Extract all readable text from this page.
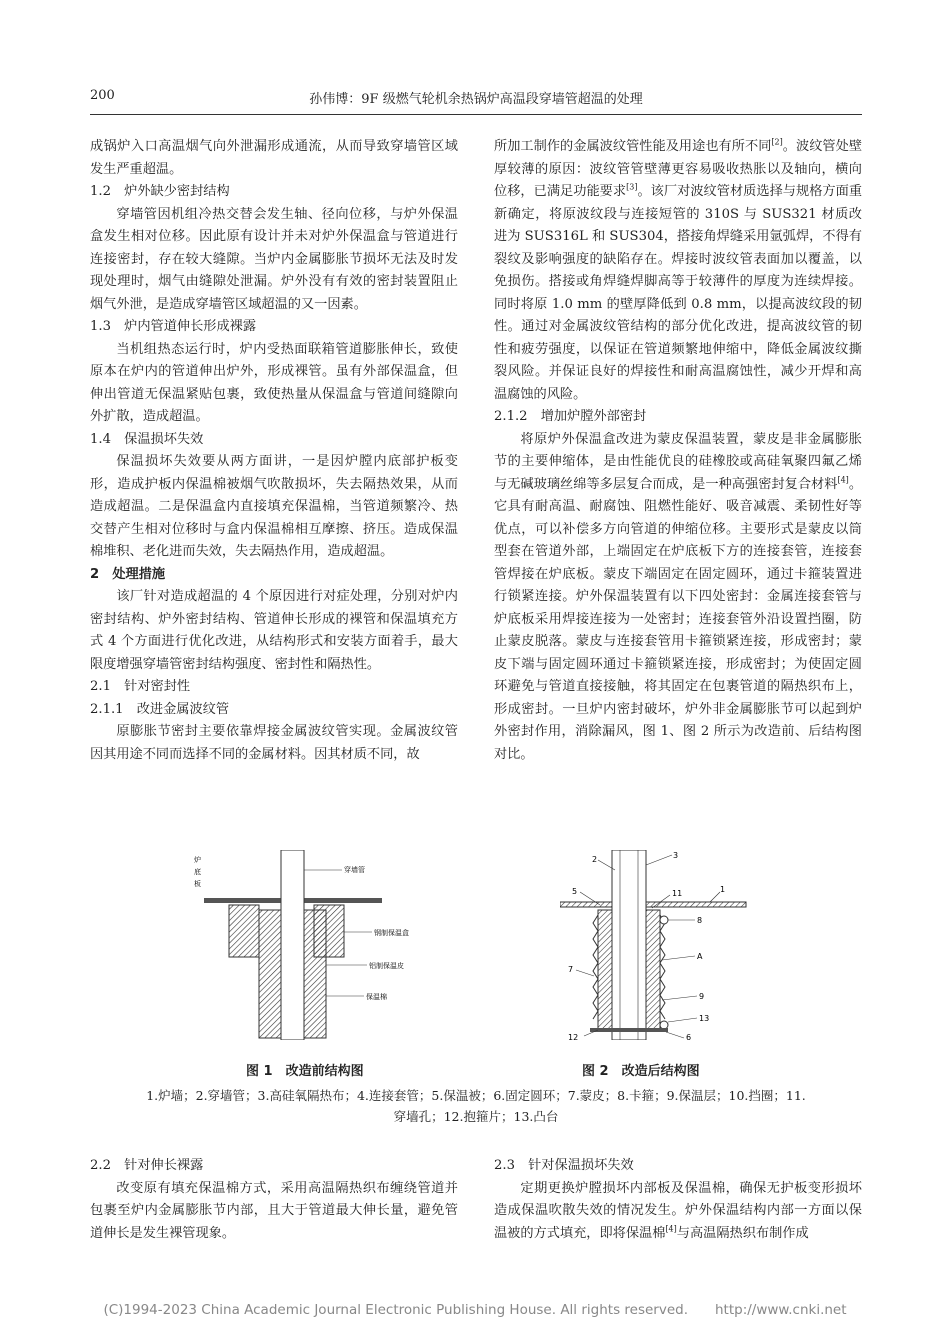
200	孙伟博：9F 级燃气轮机余热锅炉高温段穿墙管超温的处理

成锅炉入口高温烟气向外泄漏形成通流，从而导致穿墙管区域发生严重超温。

1.2　炉外缺少密封结构

穿墙管因机组冷热交替会发生轴、径向位移，与炉外保温盒发生相对位移。因此原有设计并未对炉外保温盒与管道进行连接密封，存在较大缝隙。当炉内金属膨胀节损坏无法及时发现处理时，烟气由缝隙处泄漏。炉外没有有效的密封装置阻止烟气外泄，是造成穿墙管区域超温的又一因素。

1.3　炉内管道伸长形成裸露

当机组热态运行时，炉内受热面联箱管道膨胀伸长，致使原本在炉内的管道伸出炉外，形成裸管。虽有外部保温盒，但伸出管道无保温紧贴包裹，致使热量从保温盒与管道间缝隙向外扩散，造成超温。

1.4　保温损坏失效

保温损坏失效要从两方面讲，一是因炉膛内底部护板变形，造成护板内保温棉被烟气吹散损坏，失去隔热效果，从而造成超温。二是保温盒内直接填充保温棉，当管道频繁冷、热交替产生相对位移时与盒内保温棉相互摩擦、挤压。造成保温棉堆积、老化进而失效，失去隔热作用，造成超温。

2　处理措施

该厂针对造成超温的 4 个原因进行对症处理，分别对炉内密封结构、炉外密封结构、管道伸长形成的裸管和保温填充方式 4 个方面进行优化改进，从结构形式和安装方面着手，最大限度增强穿墙管密封结构强度、密封性和隔热性。

2.1　针对密封性
2.1.1　改进金属波纹管

原膨胀节密封主要依靠焊接金属波纹管实现。金属波纹管因其用途不同而选择不同的金属材料。因其材质不同，故

所加工制作的金属波纹管性能及用途也有所不同[2]。波纹管处壁厚较薄的原因：波纹管管壁薄更容易吸收热胀以及轴向，横向位移，已满足功能要求[3]。该厂对波纹管材质选择与规格方面重新确定，将原波纹段与连接短管的 310S 与 SUS321 材质改进为 SUS316L 和 SUS304，搭接角焊缝采用氩弧焊，不得有裂纹及影响强度的缺陷存在。焊接时波纹管表面加以覆盖，以免损伤。搭接或角焊缝焊脚高等于较薄件的厚度为连续焊接。同时将原 1.0 mm 的壁厚降低到 0.8 mm，以提高波纹段的韧性。通过对金属波纹管结构的部分优化改进，提高波纹管的韧性和疲劳强度，以保证在管道频繁地伸缩中，降低金属波纹撕裂风险。并保证良好的焊接性和耐高温腐蚀性，减少开焊和高温腐蚀的风险。

2.1.2　增加炉膛外部密封

将原炉外保温盒改进为蒙皮保温装置，蒙皮是非金属膨胀节的主要伸缩体，是由性能优良的硅橡胶或高硅氧聚四氟乙烯与无碱玻璃丝绵等多层复合而成，是一种高强密封复合材料[4]。它具有耐高温、耐腐蚀、阻燃性能好、吸音减震、柔韧性好等优点，可以补偿多方向管道的伸缩位移。主要形式是蒙皮以筒型套在管道外部，上端固定在炉底板下方的连接套管，连接套管焊接在炉底板。蒙皮下端固定在固定圆环，通过卡箍装置进行锁紧连接。炉外保温装置有以下四处密封：金属连接套管与炉底板采用焊接连接为一处密封；连接套管外沿设置挡圈，防止蒙皮脱落。蒙皮与连接套管用卡箍锁紧连接，形成密封；蒙皮下端与固定圆环通过卡箍锁紧连接，形成密封；为使固定圆环避免与管道直接接触，将其固定在包裹管道的隔热织布上，形成密封。一旦炉内密封破坏，炉外非金属膨胀节可以起到炉外密封作用，消除漏风，图 1、图 2 所示为改造前、后结构图对比。

炉
底
板
穿墙管
钢制保温盒
铝制保温皮
保温棉
图 1　改造前结构图
2	3
5	11	1
8
A
7
9
13
12	6
图 2　改造后结构图
1.炉墙；2.穿墙管；3.高硅氧隔热布；4.连接套管；5.保温被；6.固定圆环；7.蒙皮；8.卡箍；9.保温层；10.挡圈；11.
穿墙孔；12.抱箍片；13.凸台
2.2　针对伸长裸露

改变原有填充保温棉方式，采用高温隔热织布缠绕管道并包裹至炉内金属膨胀节内部，且大于管道最大伸长量，避免管道伸长是发生裸管现象。

2.3　针对保温损坏失效

定期更换炉膛损坏内部板及保温棉，确保无护板变形损坏造成保温吹散失效的情况发生。炉外保温结构内部一方面以保温被的方式填充，即将保温棉[4]与高温隔热织布制作成

(C)1994-2023 China Academic Journal Electronic Publishing House. All rights reserved.　　http://www.cnki.net
